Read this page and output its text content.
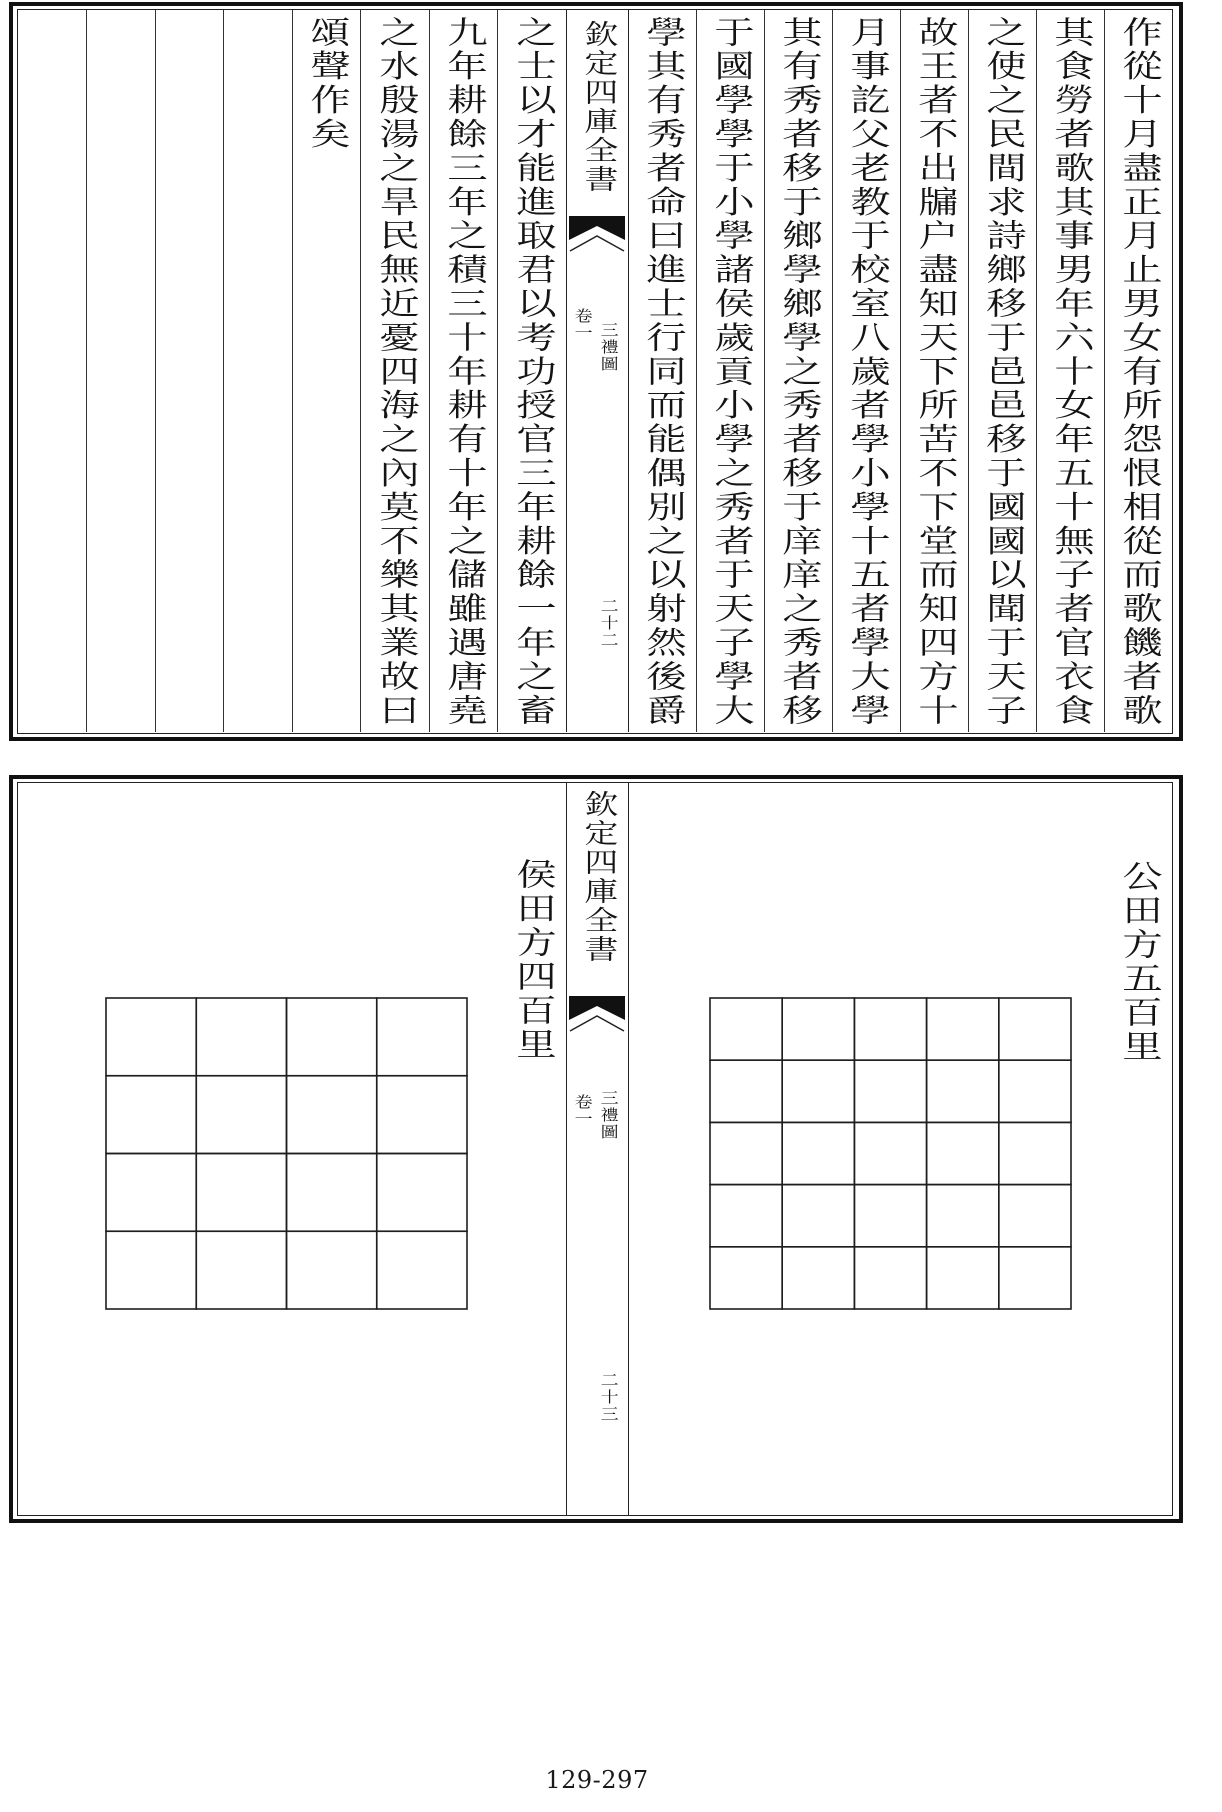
欽定四庫全書
三禮圖
卷一
二十二	作從十月盡正月止男女有所怨恨相從而歌饑者歌
其食勞者歌其事男年六十女年五十無子者官衣食
之使之民間求詩鄉移于邑邑移于國國以聞于天子
故王者不出牖户盡知天下所苦不下堂而知四方十
月事訖父老教于校室八歲者學小學十五者學大學
其有秀者移于鄉學鄉學之秀者移于庠庠之秀者移
于國學學于小學諸侯歲貢小學之秀者于天子學大
學其有秀者命曰進士行同而能偶別之以射然後爵
之士以才能進取君以考功授官三年耕餘一年之畜
九年耕餘三年之積三十年耕有十年之儲雖遇唐堯
之水殷湯之旱民無近憂四海之內莫不樂其業故曰
頌聲作矣
欽定四庫全書
三禮圖
卷一
二十三
公田方五百里
侯田方四百里
129-297
